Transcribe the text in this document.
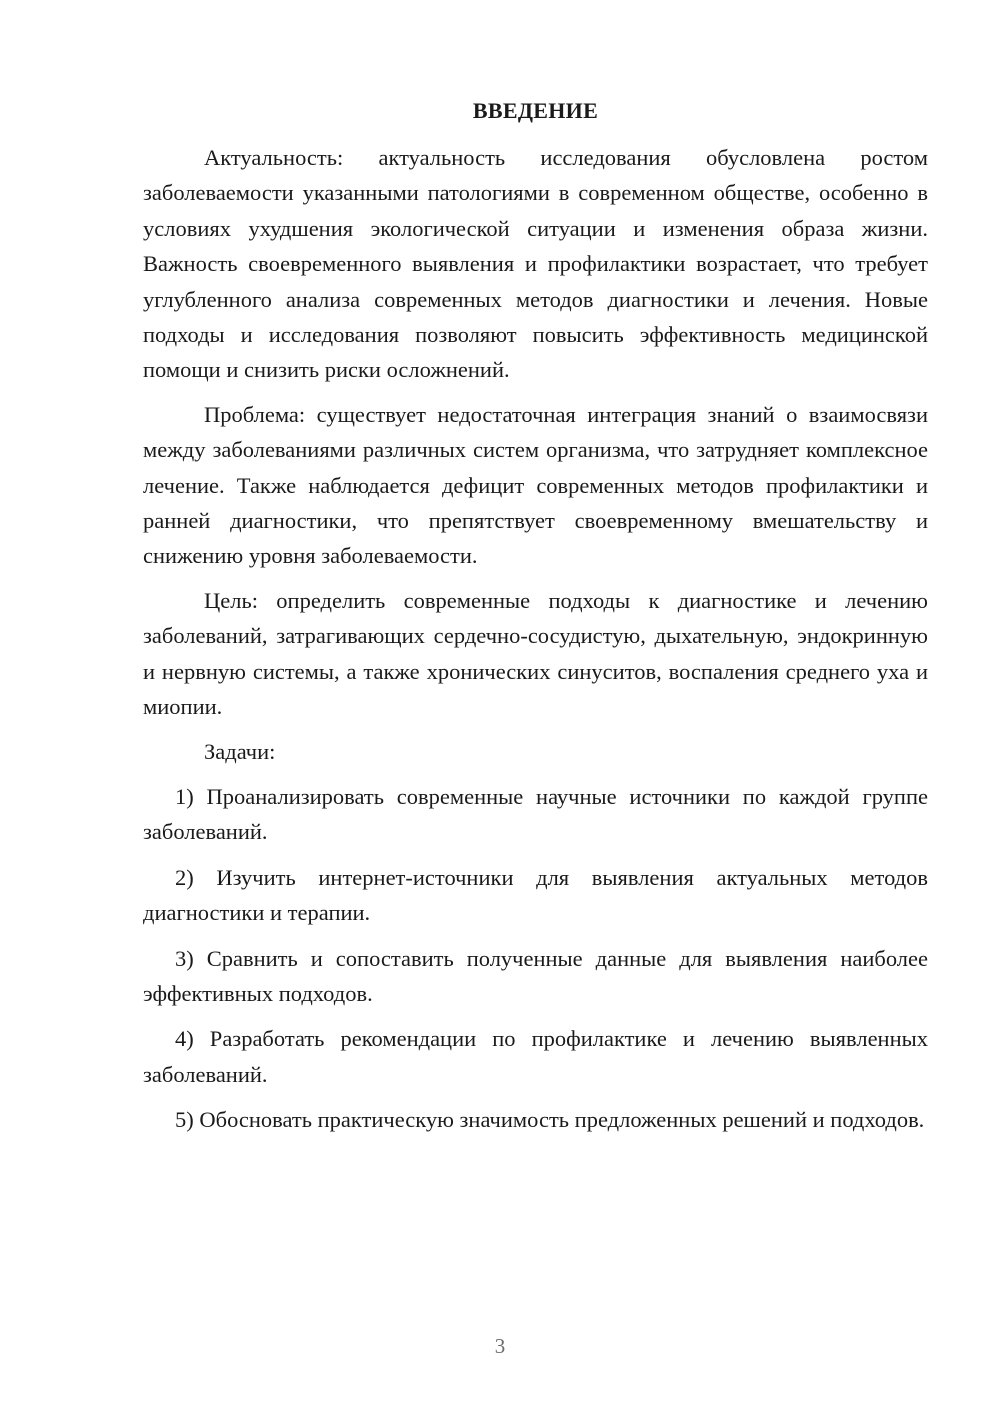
ВВЕДЕНИЕ

Актуальность: актуальность исследования обусловлена ростом заболеваемости указанными патологиями в современном обществе, особенно в условиях ухудшения экологической ситуации и изменения образа жизни. Важность своевременного выявления и профилактики возрастает, что требует углубленного анализа современных методов диагностики и лечения. Новые подходы и исследования позволяют повысить эффективность медицинской помощи и снизить риски осложнений.

Проблема: существует недостаточная интеграция знаний о взаимосвязи между заболеваниями различных систем организма, что затрудняет комплексное лечение. Также наблюдается дефицит современных методов профилактики и ранней диагностики, что препятствует своевременному вмешательству и снижению уровня заболеваемости.

Цель: определить современные подходы к диагностике и лечению заболеваний, затрагивающих сердечно-сосудистую, дыхательную, эндокринную и нервную системы, а также хронических синуситов, воспаления среднего уха и миопии.

Задачи:

1) Проанализировать современные научные источники по каждой группе заболеваний.

2) Изучить интернет-источники для выявления актуальных методов диагностики и терапии.

3) Сравнить и сопоставить полученные данные для выявления наиболее эффективных подходов.

4) Разработать рекомендации по профилактике и лечению выявленных заболеваний.

5) Обосновать практическую значимость предложенных решений и подходов.

3
